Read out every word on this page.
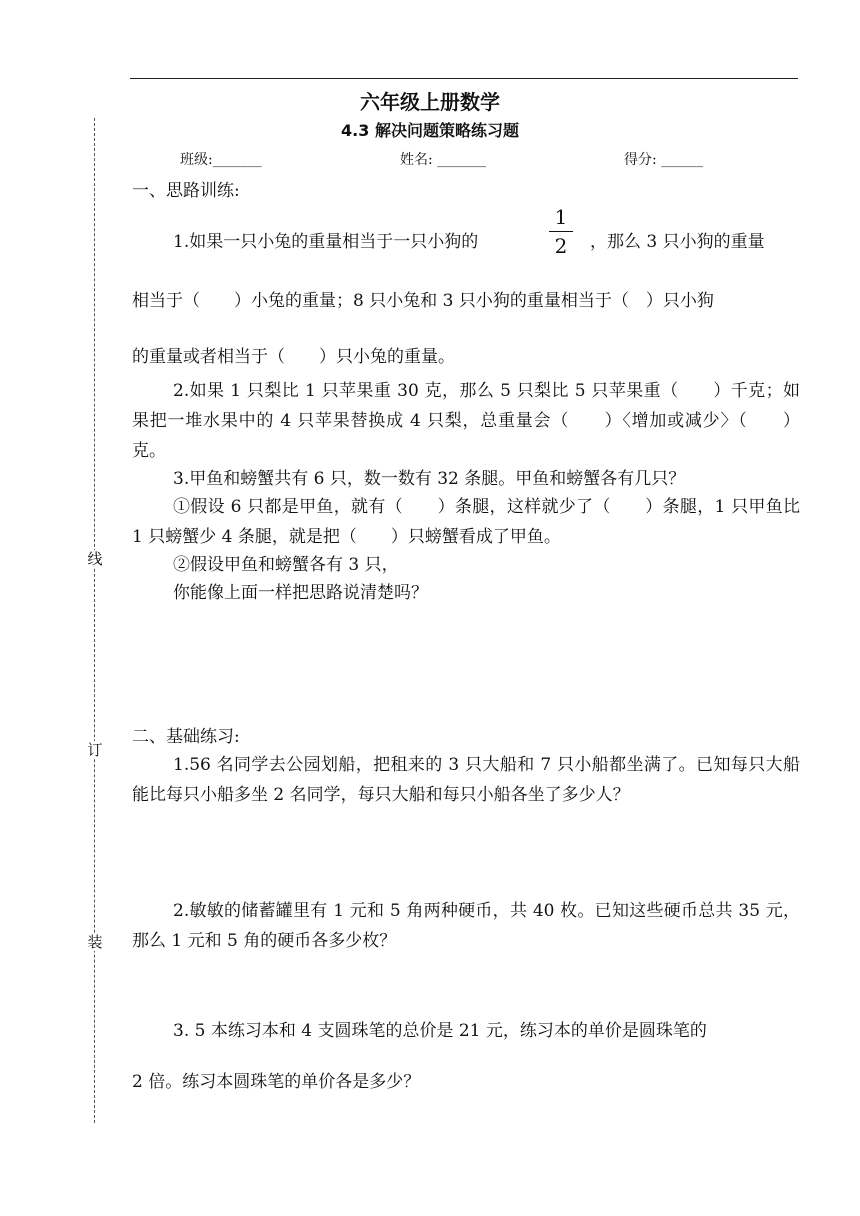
线
订
装
六年级上册数学
4.3 解决问题策略练习题
班级:_______	姓名: _______	得分: ______
一、思路训练:
1.如果一只小兔的重量相当于一只小狗的
1
2	，那么 3 只小狗的重量
相当于（　　）小兔的重量；8 只小兔和 3 只小狗的重量相当于（　）只小狗
的重量或者相当于（　　）只小兔的重量。
2.如果 1 只梨比 1 只苹果重 30 克，那么 5 只梨比 5 只苹果重（　　）千克；如果把一堆水果中的 4 只苹果替换成 4 只梨，总重量会（　　）〈增加或减少〉（　　）克。
3.甲鱼和螃蟹共有 6 只，数一数有 32 条腿。甲鱼和螃蟹各有几只？
①假设 6 只都是甲鱼，就有（　　）条腿，这样就少了（　　）条腿，1 只甲鱼比 1 只螃蟹少 4 条腿，就是把（　　）只螃蟹看成了甲鱼。
②假设甲鱼和螃蟹各有 3 只，
你能像上面一样把思路说清楚吗？
二、基础练习:
1.56 名同学去公园划船，把租来的 3 只大船和 7 只小船都坐满了。已知每只大船能比每只小船多坐 2 名同学，每只大船和每只小船各坐了多少人？
2.敏敏的储蓄罐里有 1 元和 5 角两种硬币，共 40 枚。已知这些硬币总共 35 元，那么 1 元和 5 角的硬币各多少枚？
3. 5 本练习本和 4 支圆珠笔的总价是 21 元，练习本的单价是圆珠笔的
2 倍。练习本圆珠笔的单价各是多少？
